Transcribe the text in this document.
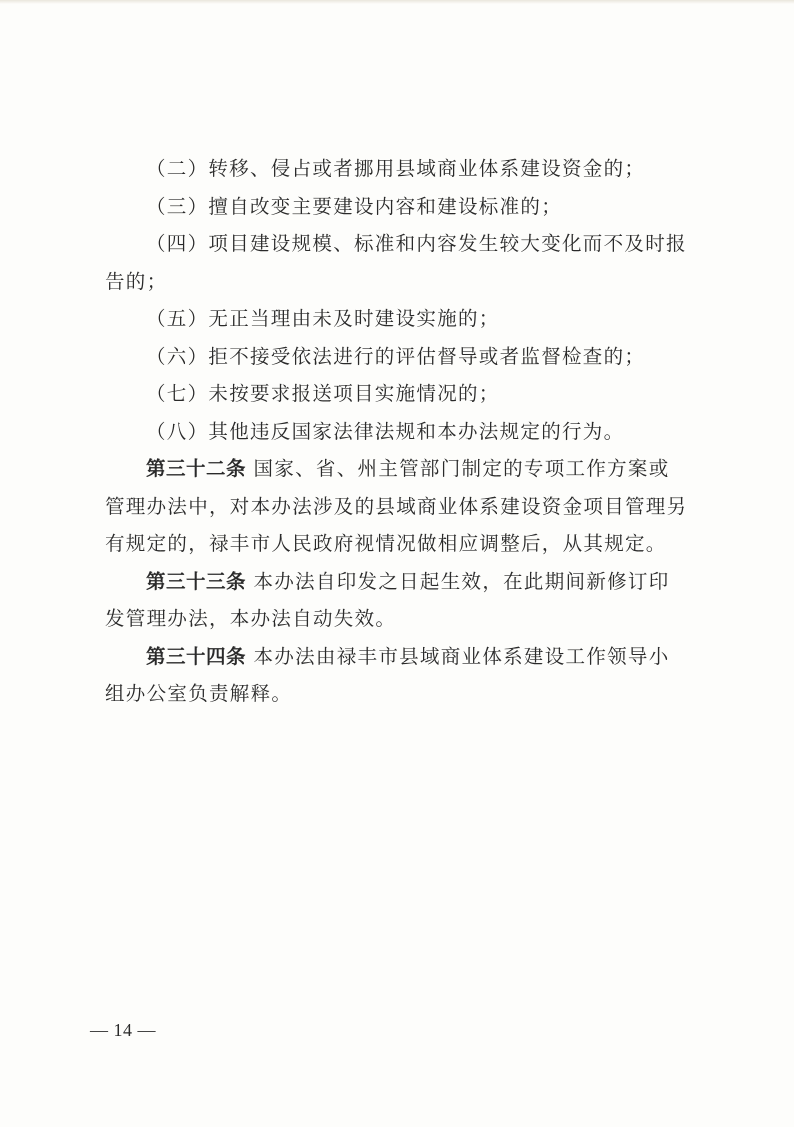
（二）转移、侵占或者挪用县域商业体系建设资金的；
（三）擅自改变主要建设内容和建设标准的；
（四）项目建设规模、标准和内容发生较大变化而不及时报
告的；
（五）无正当理由未及时建设实施的；
（六）拒不接受依法进行的评估督导或者监督检查的；
（七）未按要求报送项目实施情况的；
（八）其他违反国家法律法规和本办法规定的行为。
第三十二条 国家、省、州主管部门制定的专项工作方案或
管理办法中，对本办法涉及的县域商业体系建设资金项目管理另
有规定的，禄丰市人民政府视情况做相应调整后，从其规定。
第三十三条 本办法自印发之日起生效，在此期间新修订印
发管理办法，本办法自动失效。
第三十四条 本办法由禄丰市县域商业体系建设工作领导小
组办公室负责解释。
— 14 —
